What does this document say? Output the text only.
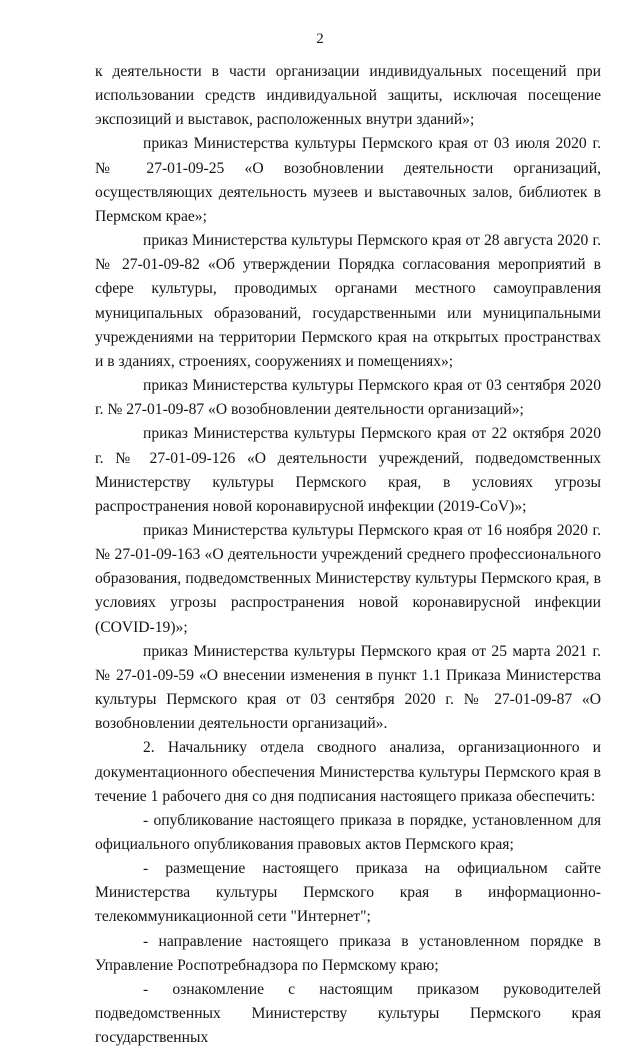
2

к деятельности в части организации индивидуальных посещений при использовании средств индивидуальной защиты, исключая посещение экспозиций и выставок, расположенных внутри зданий»;

приказ Министерства культуры Пермского края от 03 июля 2020 г. № 27-01-09-25 «О возобновлении деятельности организаций, осуществляющих деятельность музеев и выставочных залов, библиотек в Пермском крае»;

приказ Министерства культуры Пермского края от 28 августа 2020 г. № 27-01-09-82 «Об утверждении Порядка согласования мероприятий в сфере культуры, проводимых органами местного самоуправления муниципальных образований, государственными или муниципальными учреждениями на территории Пермского края на открытых пространствах и в зданиях, строениях, сооружениях и помещениях»;

приказ Министерства культуры Пермского края от 03 сентября 2020 г. № 27-01-09-87 «О возобновлении деятельности организаций»;

приказ Министерства культуры Пермского края от 22 октября 2020 г. № 27-01-09-126 «О деятельности учреждений, подведомственных Министерству культуры Пермского края, в условиях угрозы распространения новой коронавирусной инфекции (2019-CoV)»;

приказ Министерства культуры Пермского края от 16 ноября 2020 г. № 27-01-09-163 «О деятельности учреждений среднего профессионального образования, подведомственных Министерству культуры Пермского края, в условиях угрозы распространения новой коронавирусной инфекции (COVID-19)»;

приказ Министерства культуры Пермского края от 25 марта 2021 г. № 27-01-09-59 «О внесении изменения в пункт 1.1 Приказа Министерства культуры Пермского края от 03 сентября 2020 г. № 27-01-09-87 «О возобновлении деятельности организаций».

2. Начальнику отдела сводного анализа, организационного и документационного обеспечения Министерства культуры Пермского края в течение 1 рабочего дня со дня подписания настоящего приказа обеспечить:

- опубликование настоящего приказа в порядке, установленном для официального опубликования правовых актов Пермского края;

- размещение настоящего приказа на официальном сайте Министерства культуры Пермского края в информационно-телекоммуникационной сети "Интернет";

- направление настоящего приказа в установленном порядке в Управление Роспотребнадзора по Пермскому краю;

- ознакомление с настоящим приказом руководителей подведомственных Министерству культуры Пермского края государственных
